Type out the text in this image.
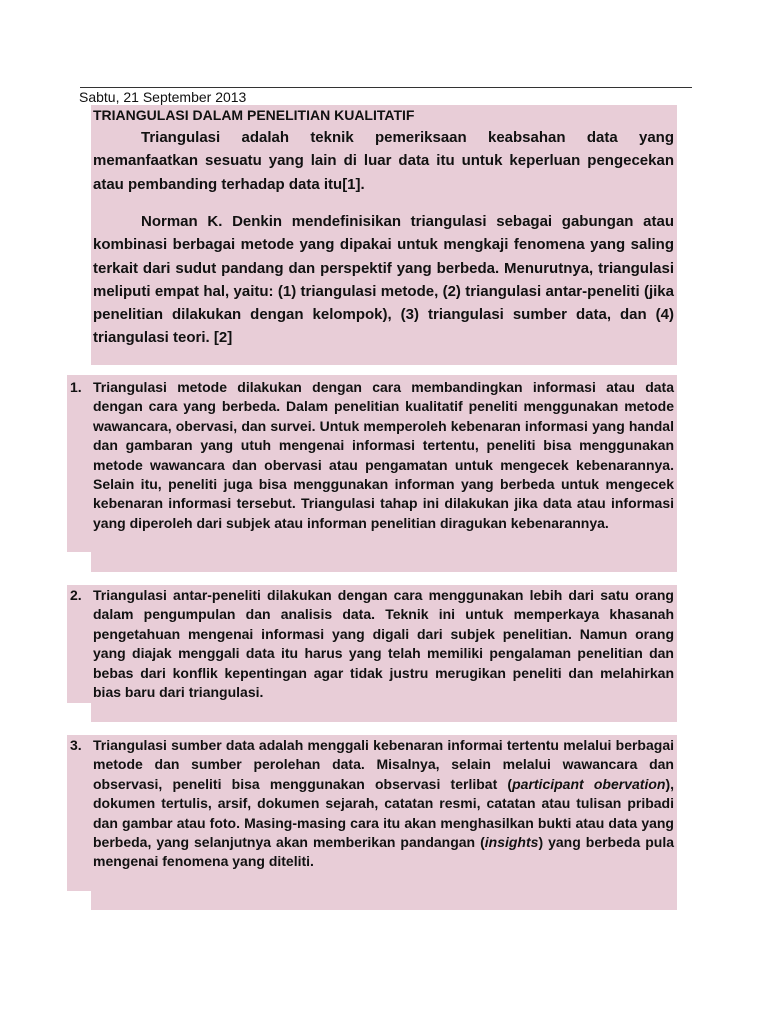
Sabtu, 21 September 2013
TRIANGULASI DALAM PENELITIAN KUALITATIF
Triangulasi adalah teknik pemeriksaan keabsahan data yang memanfaatkan sesuatu yang lain di luar data itu untuk keperluan pengecekan atau pembanding terhadap data itu[1].
Norman K. Denkin mendefinisikan triangulasi sebagai gabungan atau kombinasi berbagai metode yang dipakai untuk mengkaji fenomena yang saling terkait dari sudut pandang dan perspektif yang berbeda. Menurutnya, triangulasi meliputi empat hal, yaitu: (1) triangulasi metode, (2) triangulasi antar-peneliti (jika penelitian dilakukan dengan kelompok), (3) triangulasi sumber data, dan (4) triangulasi teori. [2]
1. Triangulasi metode dilakukan dengan cara membandingkan informasi atau data dengan cara yang berbeda. Dalam penelitian kualitatif peneliti menggunakan metode wawancara, obervasi, dan survei. Untuk memperoleh kebenaran informasi yang handal dan gambaran yang utuh mengenai informasi tertentu, peneliti bisa menggunakan metode wawancara dan obervasi atau pengamatan untuk mengecek kebenarannya. Selain itu, peneliti juga bisa menggunakan informan yang berbeda untuk mengecek kebenaran informasi tersebut. Triangulasi tahap ini dilakukan jika data atau informasi yang diperoleh dari subjek atau informan penelitian diragukan kebenarannya.
2. Triangulasi antar-peneliti dilakukan dengan cara menggunakan lebih dari satu orang dalam pengumpulan dan analisis data. Teknik ini untuk memperkaya khasanah pengetahuan mengenai informasi yang digali dari subjek penelitian. Namun orang yang diajak menggali data itu harus yang telah memiliki pengalaman penelitian dan bebas dari konflik kepentingan agar tidak justru merugikan peneliti dan melahirkan bias baru dari triangulasi.
3. Triangulasi sumber data adalah menggali kebenaran informai tertentu melalui berbagai metode dan sumber perolehan data. Misalnya, selain melalui wawancara dan observasi, peneliti bisa menggunakan observasi terlibat (participant obervation), dokumen tertulis, arsif, dokumen sejarah, catatan resmi, catatan atau tulisan pribadi dan gambar atau foto. Masing-masing cara itu akan menghasilkan bukti atau data yang berbeda, yang selanjutnya akan memberikan pandangan (insights) yang berbeda pula mengenai fenomena yang diteliti.
